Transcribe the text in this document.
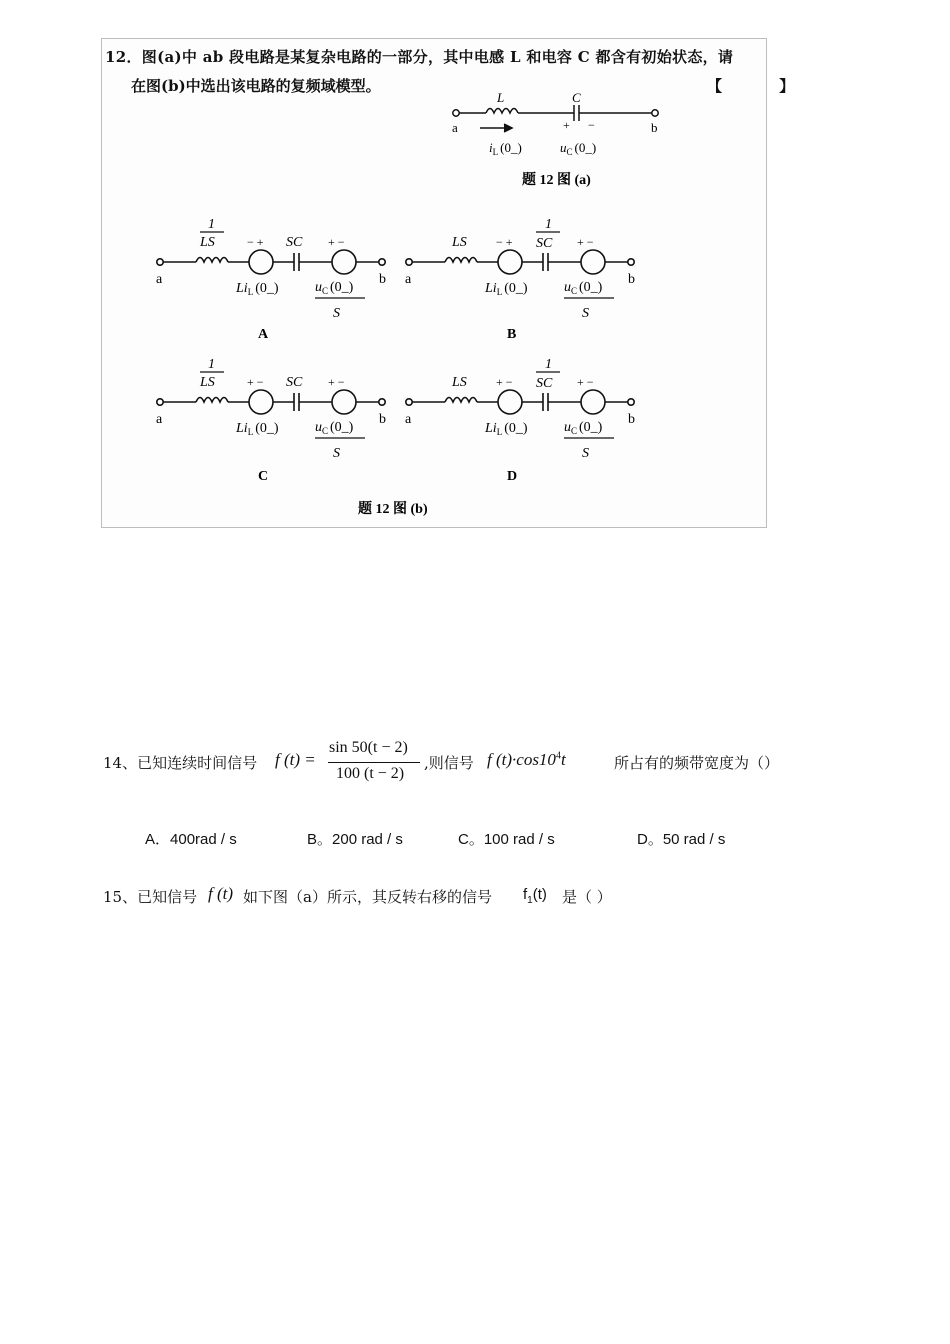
12．图(a)中 ab 段电路是某复杂电路的一部分，其中电感 L 和电容 C 都含有初始状态，请
在图(b)中选出该电路的复频域模型。	【 】
L	C
a	b
+ −
$i_L$ (0_)	$u_C$ (0_)
题 12 图 (a)
a	b
1
LS	SC
− +	+ −
$Li_L$ (0_)	$u_C$ (0_)
S
A
a	b
LS
1
SC
− +	+ −
$Li_L$ (0_)	$u_C$ (0_)
S
B
a	b
1
LS	SC
+ −	+ −
$Li_L$ (0_)	$u_C$ (0_)
S
C
a	b
LS
1
SC
+ −	+ −
$Li_L$ (0_)	$u_C$ (0_)
S
D
题 12 图 (b)
14、已知连续时间信号 f (t) =
sin 50(t − 2)
100 (t − 2)
,则信号 f $(t)\cdot\cos 10^4t$	所占有的频带宽度为（）
A．400rad / s	B。200 rad / s	C。100 rad / s	D。50 rad / s
15、已知信号 f (t) 如下图（a）所示，其反转右移的信号 $f_1(t)$ 是（ ）
